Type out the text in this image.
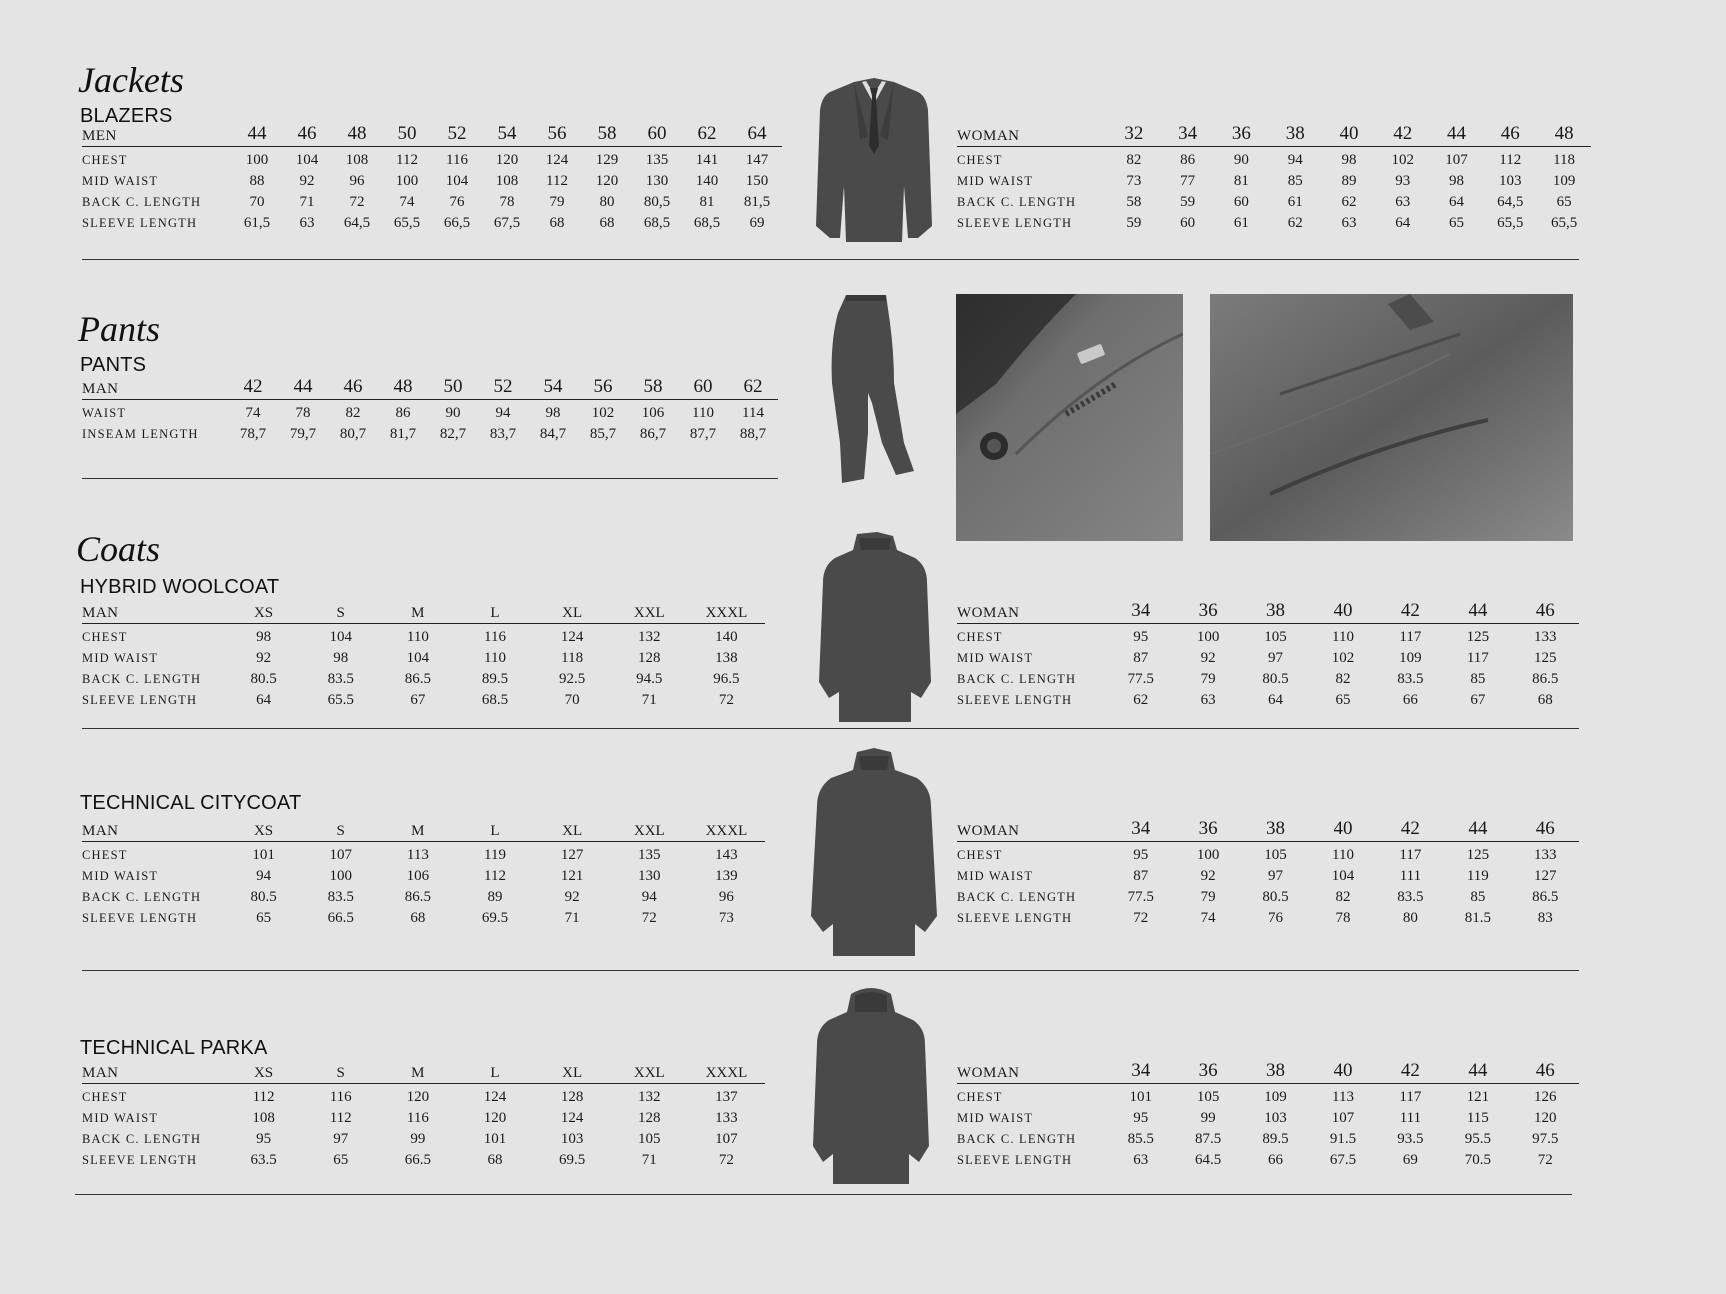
Jackets
BLAZERS
MEN	44	46	48	50	52	54	56	58	60	62	64
CHEST	100	104	108	112	116	120	124	129	135	141	147
MID WAIST	88	92	96	100	104	108	112	120	130	140	150
BACK C. LENGTH	70	71	72	74	76	78	79	80	80,5	81	81,5
SLEEVE LENGTH	61,5	63	64,5	65,5	66,5	67,5	68	68	68,5	68,5	69
WOMAN	32	34	36	38	40	42	44	46	48
CHEST	82	86	90	94	98	102	107	112	118
MID WAIST	73	77	81	85	89	93	98	103	109
BACK C. LENGTH	58	59	60	61	62	63	64	64,5	65
SLEEVE LENGTH	59	60	61	62	63	64	65	65,5	65,5
Pants
PANTS
MAN	42	44	46	48	50	52	54	56	58	60	62
WAIST	74	78	82	86	90	94	98	102	106	110	114
INSEAM LENGTH	78,7	79,7	80,7	81,7	82,7	83,7	84,7	85,7	86,7	87,7	88,7
Coats
HYBRID WOOLCOAT
MAN	XS	S	M	L	XL	XXL	XXXL
CHEST	98	104	110	116	124	132	140
MID WAIST	92	98	104	110	118	128	138
BACK C. LENGTH	80.5	83.5	86.5	89.5	92.5	94.5	96.5
SLEEVE LENGTH	64	65.5	67	68.5	70	71	72
WOMAN	34	36	38	40	42	44	46
CHEST	95	100	105	110	117	125	133
MID WAIST	87	92	97	102	109	117	125
BACK C. LENGTH	77.5	79	80.5	82	83.5	85	86.5
SLEEVE LENGTH	62	63	64	65	66	67	68
TECHNICAL CITYCOAT
MAN	XS	S	M	L	XL	XXL	XXXL
CHEST	101	107	113	119	127	135	143
MID WAIST	94	100	106	112	121	130	139
BACK C. LENGTH	80.5	83.5	86.5	89	92	94	96
SLEEVE LENGTH	65	66.5	68	69.5	71	72	73
WOMAN	34	36	38	40	42	44	46
CHEST	95	100	105	110	117	125	133
MID WAIST	87	92	97	104	111	119	127
BACK C. LENGTH	77.5	79	80.5	82	83.5	85	86.5
SLEEVE LENGTH	72	74	76	78	80	81.5	83
TECHNICAL PARKA
MAN	XS	S	M	L	XL	XXL	XXXL
CHEST	112	116	120	124	128	132	137
MID WAIST	108	112	116	120	124	128	133
BACK C. LENGTH	95	97	99	101	103	105	107
SLEEVE LENGTH	63.5	65	66.5	68	69.5	71	72
WOMAN	34	36	38	40	42	44	46
CHEST	101	105	109	113	117	121	126
MID WAIST	95	99	103	107	111	115	120
BACK C. LENGTH	85.5	87.5	89.5	91.5	93.5	95.5	97.5
SLEEVE LENGTH	63	64.5	66	67.5	69	70.5	72
